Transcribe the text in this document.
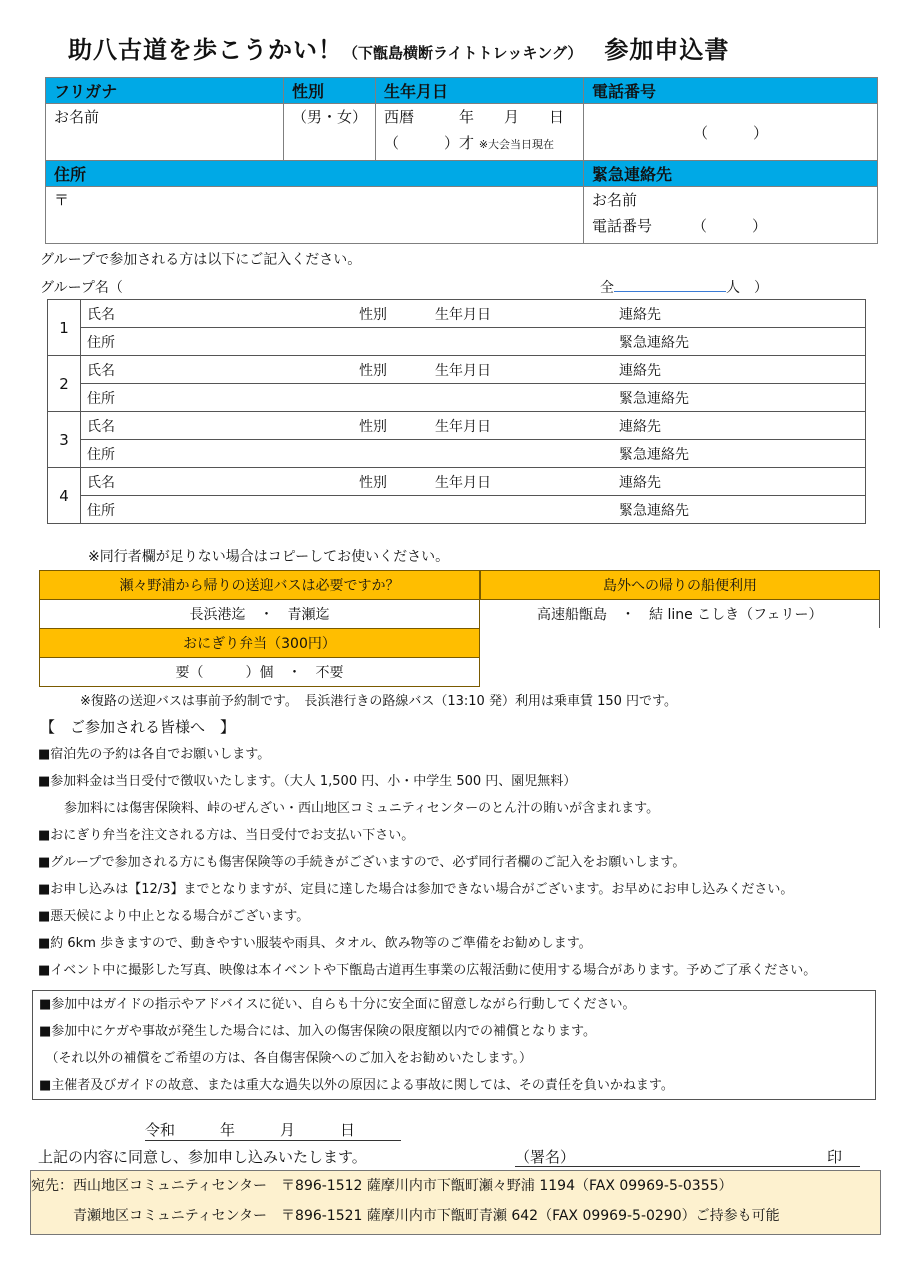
助八古道を歩こうかい！（下甑島横断ライトトレッキング） 参加申込書
フリガナ	性別	生年月日	電話番号

お名前	（男・女）	西暦　　　年　　月　　日
（　　　）才 ※大会当日現在	（　　　）
住所			緊急連絡先

〒			お名前
電話番号 （　　　）
グループで参加される方は以下にご記入ください。
グループ名（	全	人　）
1	氏名 性別 生年月日 連絡先

	住所 緊急連絡先

2	氏名 性別 生年月日 連絡先

	住所 緊急連絡先

3	氏名 性別 生年月日 連絡先

	住所 緊急連絡先

4	氏名 性別 生年月日 連絡先

	住所 緊急連絡先
※同行者欄が足りない場合はコピーしてお使いください。
瀬々野浦から帰りの送迎バスは必要ですか？
長浜港迄　・　青瀬迄
おにぎり弁当（300円）
要（　　　）個　・　不要
島外への帰りの船便利用
高速船甑島　・　結 line こしき（フェリー）
※復路の送迎バスは事前予約制です。　長浜港行きの路線バス（13:10 発）利用は乗車賃 150 円です。
【　ご参加される皆様へ　】
■宿泊先の予約は各自でお願いします。
■参加料金は当日受付で徴収いたします。（大人 1,500 円、小・中学生 500 円、園児無料）
　　参加料には傷害保険料、峠のぜんざい・西山地区コミュニティセンターのとん汁の賄いが含まれます。
■おにぎり弁当を注文される方は、当日受付でお支払い下さい。
■グループで参加される方にも傷害保険等の手続きがございますので、必ず同行者欄のご記入をお願いします。
■お申し込みは【12/3】までとなりますが、定員に達した場合は参加できない場合がございます。お早めにお申し込みください。
■悪天候により中止となる場合がございます。
■約 6km 歩きますので、動きやすい服装や雨具、タオル、飲み物等のご準備をお勧めします。
■イベント中に撮影した写真、映像は本イベントや下甑島古道再生事業の広報活動に使用する場合があります。予めご了承ください。
■参加中はガイドの指示やアドバイスに従い、自らも十分に安全面に留意しながら行動してください。
■参加中にケガや事故が発生した場合には、加入の傷害保険の限度額以内での補償となります。
　（それ以外の補償をご希望の方は、各自傷害保険へのご加入をお勧めいたします。）
■主催者及びガイドの故意、または重大な過失以外の原因による事故に関しては、その責任を負いかねます。
令和　　　年　　　月　　　日
上記の内容に同意し、参加申し込みいたします。	（署名）	印
宛先：西山地区コミュニティセンター　〒896-1512 薩摩川内市下甑町瀬々野浦 1194（FAX 09969-5-0355）
　　　青瀬地区コミュニティセンター　〒896-1521 薩摩川内市下甑町青瀬 642（FAX 09969-5-0290）ご持参も可能
